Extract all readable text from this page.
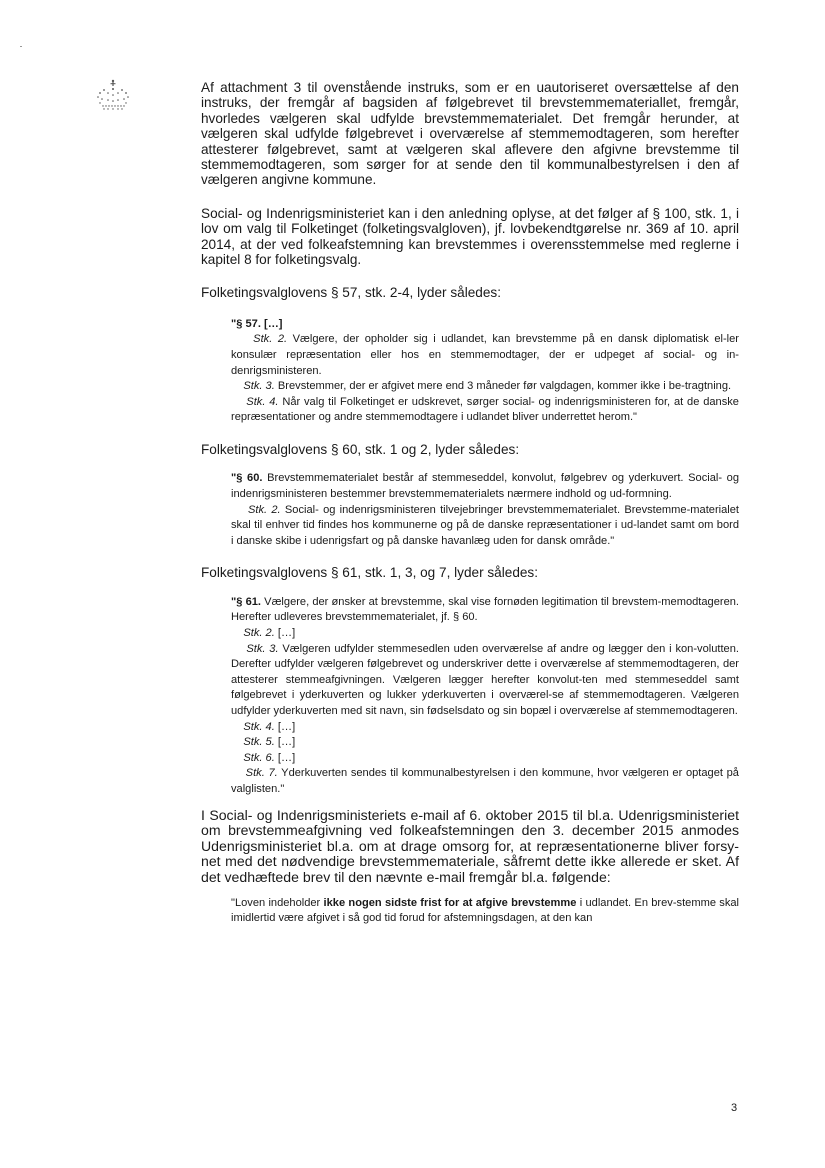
Af attachment 3 til ovenstående instruks, som er en uautoriseret oversættelse af den instruks, der fremgår af bagsiden af følgebrevet til brevstemmemateriallet, fremgår, hvorledes vælgeren skal udfylde brevstemmematerialet. Det fremgår herunder, at vælgeren skal udfylde følgebrevet i overværelse af stemmemodtageren, som herefter attesterer følgebrevet, samt at vælgeren skal aflevere den afgivne brevstemme til stemmemodtageren, som sørger for at sende den til kommunalbestyrelsen i den af vælgeren angivne kommune.

Social- og Indenrigsministeriet kan i den anledning oplyse, at det følger af § 100, stk. 1, i lov om valg til Folketinget (folketingsvalgloven), jf. lovbekendtgørelse nr. 369 af 10. april 2014, at der ved folkeafstemning kan brevstemmes i overensstemmelse med reglerne i kapitel 8 for folketingsvalg.

Folketingsvalglovens § 57, stk. 2-4, lyder således:

"§ 57. […]

Stk. 2. Vælgere, der opholder sig i udlandet, kan brevstemme på en dansk diplomatisk el-ler konsulær repræsentation eller hos en stemmemodtager, der er udpeget af social- og in-denrigsministeren.

Stk. 3. Brevstemmer, der er afgivet mere end 3 måneder før valgdagen, kommer ikke i be-tragtning.

Stk. 4. Når valg til Folketinget er udskrevet, sørger social- og indenrigsministeren for, at de danske repræsentationer og andre stemmemodtagere i udlandet bliver underrettet herom."

Folketingsvalglovens § 60, stk. 1 og 2, lyder således:

"§ 60. Brevstemmematerialet består af stemmeseddel, konvolut, følgebrev og yderkuvert. Social- og indenrigsministeren bestemmer brevstemmematerialets nærmere indhold og ud-formning.

Stk. 2. Social- og indenrigsministeren tilvejebringer brevstemmematerialet. Brevstemme-materialet skal til enhver tid findes hos kommunerne og på de danske repræsentationer i ud-landet samt om bord i danske skibe i udenrigsfart og på danske havanlæg uden for dansk område."

Folketingsvalglovens § 61, stk. 1, 3, og 7, lyder således:

"§ 61. Vælgere, der ønsker at brevstemme, skal vise fornøden legitimation til brevstem-memodtageren. Herefter udleveres brevstemmematerialet, jf. § 60.

Stk. 2. […]

Stk. 3. Vælgeren udfylder stemmesedlen uden overværelse af andre og lægger den i kon-volutten. Derefter udfylder vælgeren følgebrevet og underskriver dette i overværelse af stemmemodtageren, der attesterer stemmeafgivningen. Vælgeren lægger herefter konvolut-ten med stemmeseddel samt følgebrevet i yderkuverten og lukker yderkuverten i overværel-se af stemmemodtageren. Vælgeren udfylder yderkuverten med sit navn, sin fødselsdato og sin bopæl i overværelse af stemmemodtageren.

Stk. 4. […]

Stk. 5. […]

Stk. 6. […]

Stk. 7. Yderkuverten sendes til kommunalbestyrelsen i den kommune, hvor vælgeren er optaget på valglisten."

I Social- og Indenrigsministeriets e-mail af 6. oktober 2015 til bl.a. Udenrigsministeriet om brevstemmeafgivning ved folkeafstemningen den 3. december 2015 anmodes Udenrigsministeriet bl.a. om at drage omsorg for, at repræsentationerne bliver forsy-net med det nødvendige brevstemmemateriale, såfremt dette ikke allerede er sket. Af det vedhæftede brev til den nævnte e-mail fremgår bl.a. følgende:

"Loven indeholder ikke nogen sidste frist for at afgive brevstemme i udlandet. En brev-stemme skal imidlertid være afgivet i så god tid forud for afstemningsdagen, at den kan

3
